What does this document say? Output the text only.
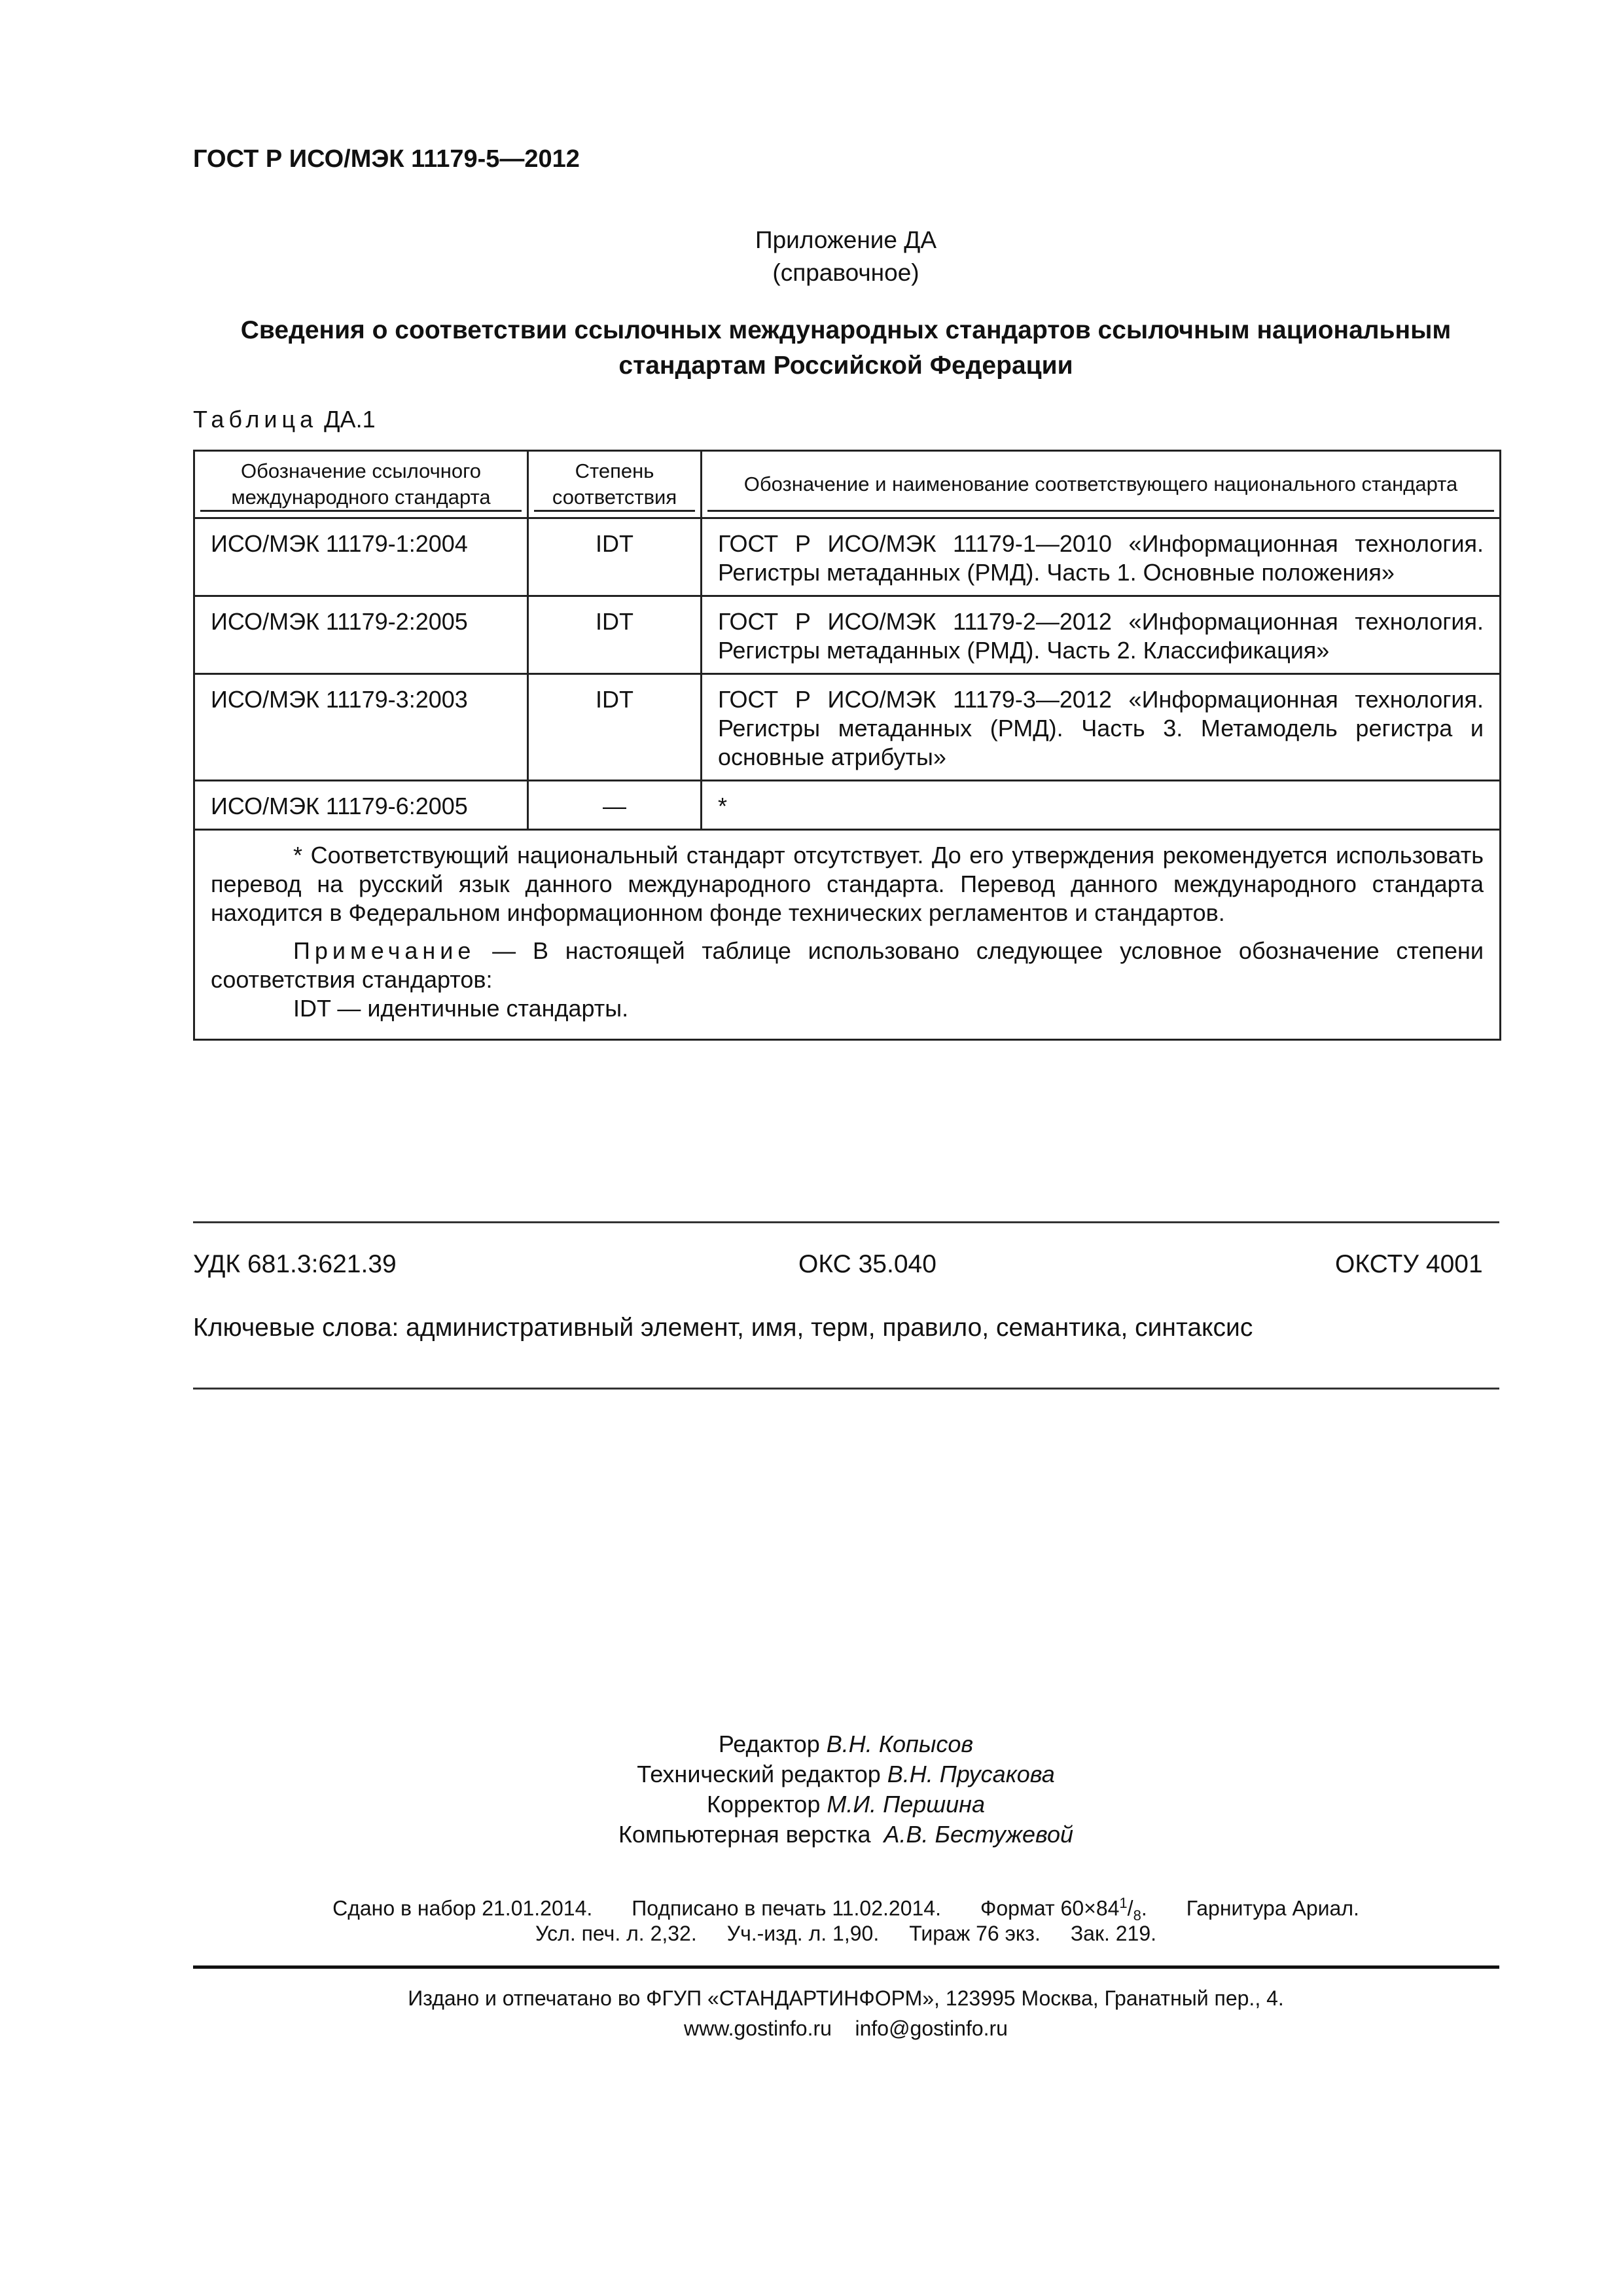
ГОСТ Р ИСО/МЭК 11179-5—2012
Приложение ДА
(справочное)
Сведения о соответствии ссылочных международных стандартов ссылочным национальным
стандартам Российской Федерации
Таблица ДА.1
Обозначение ссылочного международного стандарта	Степень соответствия	Обозначение и наименование соответствующего национального стандарта

ИСО/МЭК 11179-1:2004	IDT	ГОСТ Р ИСО/МЭК 11179-1—2010 «Информационная технология. Регистры метаданных (РМД). Часть 1. Основные положения»
ИСО/МЭК 11179-2:2005	IDT	ГОСТ Р ИСО/МЭК 11179-2—2012 «Информационная технология. Регистры метаданных (РМД). Часть 2. Классификация»
ИСО/МЭК 11179-3:2003	IDT	ГОСТ Р ИСО/МЭК 11179-3—2012 «Информационная технология. Регистры метаданных (РМД). Часть 3. Метамодель регистра и основные атрибуты»
ИСО/МЭК 11179-6:2005	—	*

* Соответствующий национальный стандарт отсутствует. До его утверждения рекомендуется использовать перевод на русский язык данного международного стандарта. Перевод данного международного стандарта находится в Федеральном информационном фонде технических регламентов и стандартов.

Примечание — В настоящей таблице использовано следующее условное обозначение степени соответствия стандартов:

IDT — идентичные стандарты.		

УДК 681.3:621.39	ОКС 35.040	ОКСТУ 4001
Ключевые слова: административный элемент, имя, терм, правило, семантика, синтаксис
Редактор В.Н. Копысов
Технический редактор В.Н. Прусакова
Корректор М.И. Першина
Компьютерная верстка А.В. Бестужевой
Сдано в набор 21.01.2014. Подписано в печать 11.02.2014. Формат $60\times 84^1/_8$. Гарнитура Ариал.
Усл. печ. л. 2,32. Уч.-изд. л. 1,90. Тираж 76 экз. Зак. 219.
Издано и отпечатано во ФГУП «СТАНДАРТИНФОРМ», 123995 Москва, Гранатный пер., 4.
www.gostinfo.ru info@gostinfo.ru
